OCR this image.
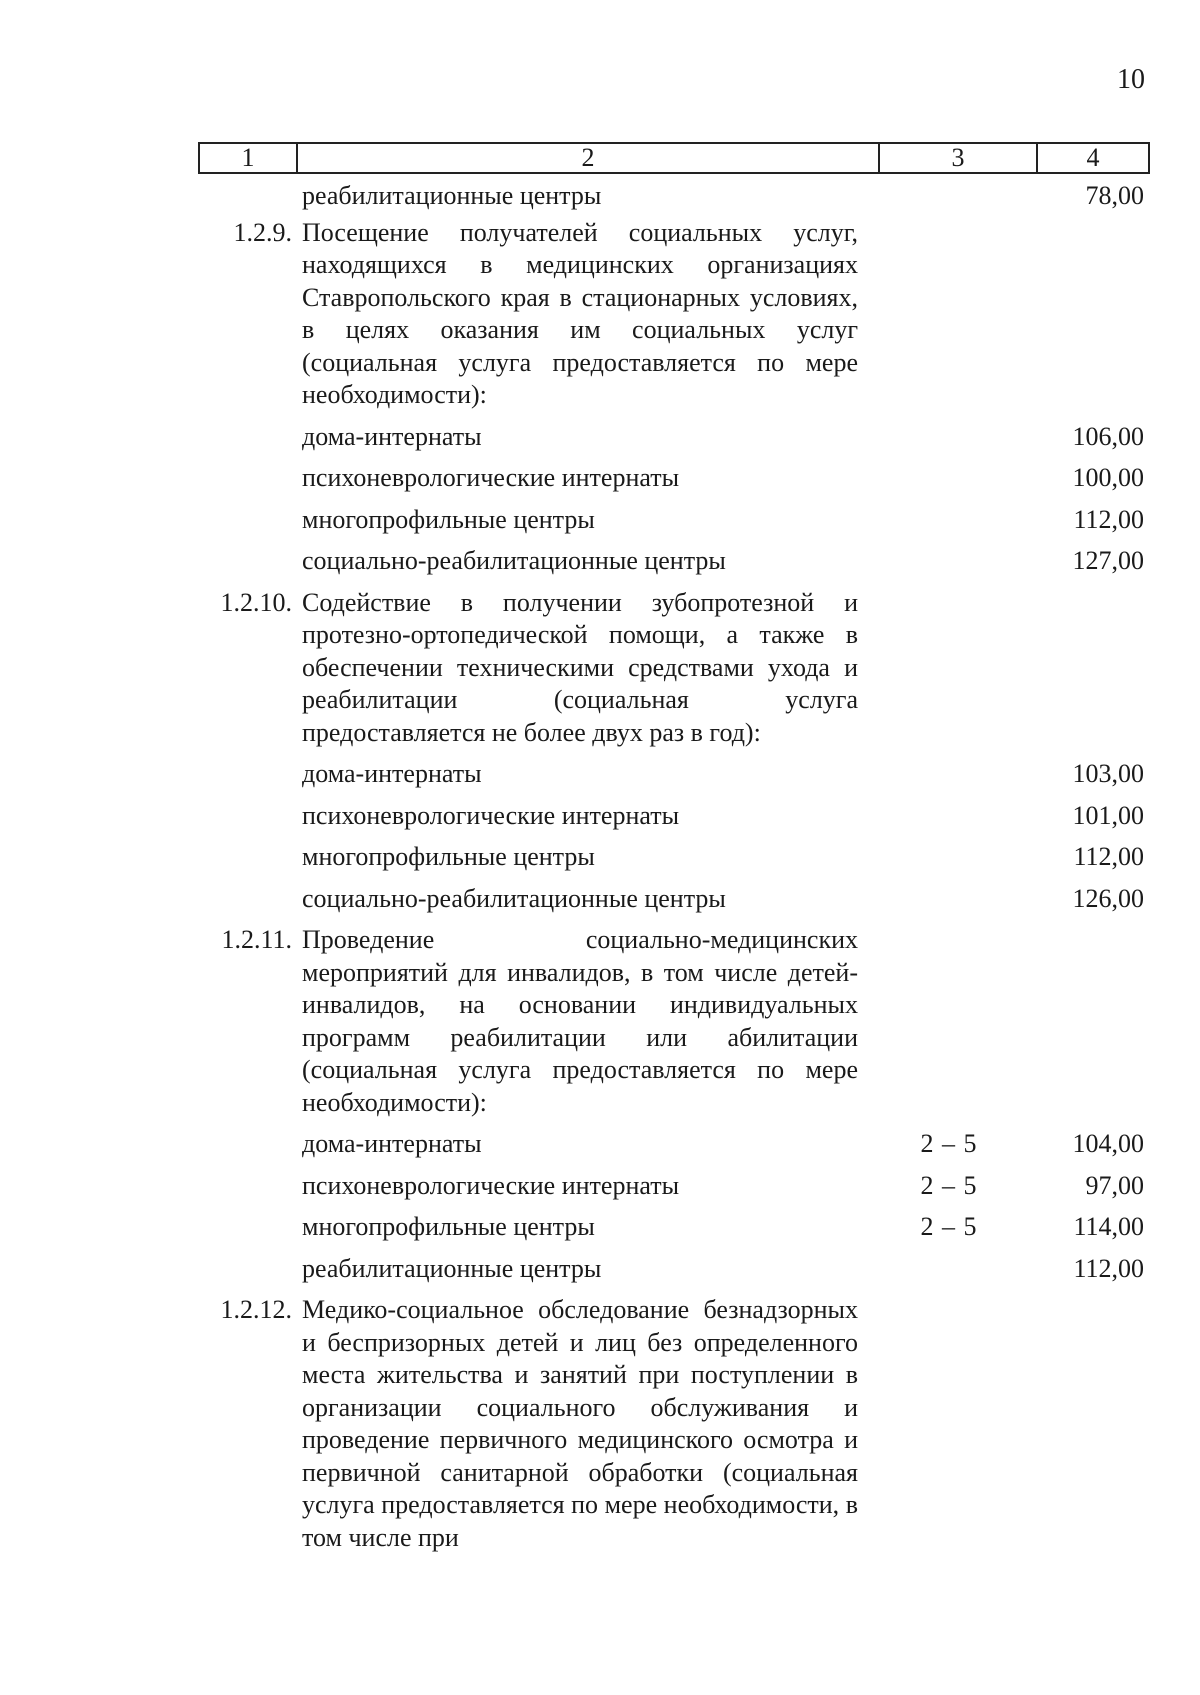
10
1	2	3	4
реабилитационные центры	78,00
1.2.9. Посещение получателей социальных услуг, находящихся в медицинских организациях Ставропольского края в стационарных условиях, в целях оказания им социальных услуг (социальная услуга предоставляется по мере необходимости):
дома-интернаты	106,00
психоневрологические интернаты	100,00
многопрофильные центры	112,00
социально-реабилитационные центры	127,00
1.2.10. Содействие в получении зубопротезной и протезно-ортопедической помощи, а также в обеспечении техническими средствами ухода и реабилитации (социальная услуга предоставляется не более двух раз в год):
дома-интернаты	103,00
психоневрологические интернаты	101,00
многопрофильные центры	112,00
социально-реабилитационные центры	126,00
1.2.11. Проведение социально-медицинских мероприятий для инвалидов, в том числе детей-инвалидов, на основании индивидуальных программ реабилитации или абилитации (социальная услуга предоставляется по мере необходимости):
дома-интернаты	2 – 5	104,00
психоневрологические интернаты	2 – 5	97,00
многопрофильные центры	2 – 5	114,00
реабилитационные центры	112,00
1.2.12. Медико-социальное обследование безнадзорных и беспризорных детей и лиц без определенного места жительства и занятий при поступлении в организации социального обслуживания и проведение первичного медицинского осмотра и первичной санитарной обработки (социальная услуга предоставляется по мере необходимости, в том числе при
